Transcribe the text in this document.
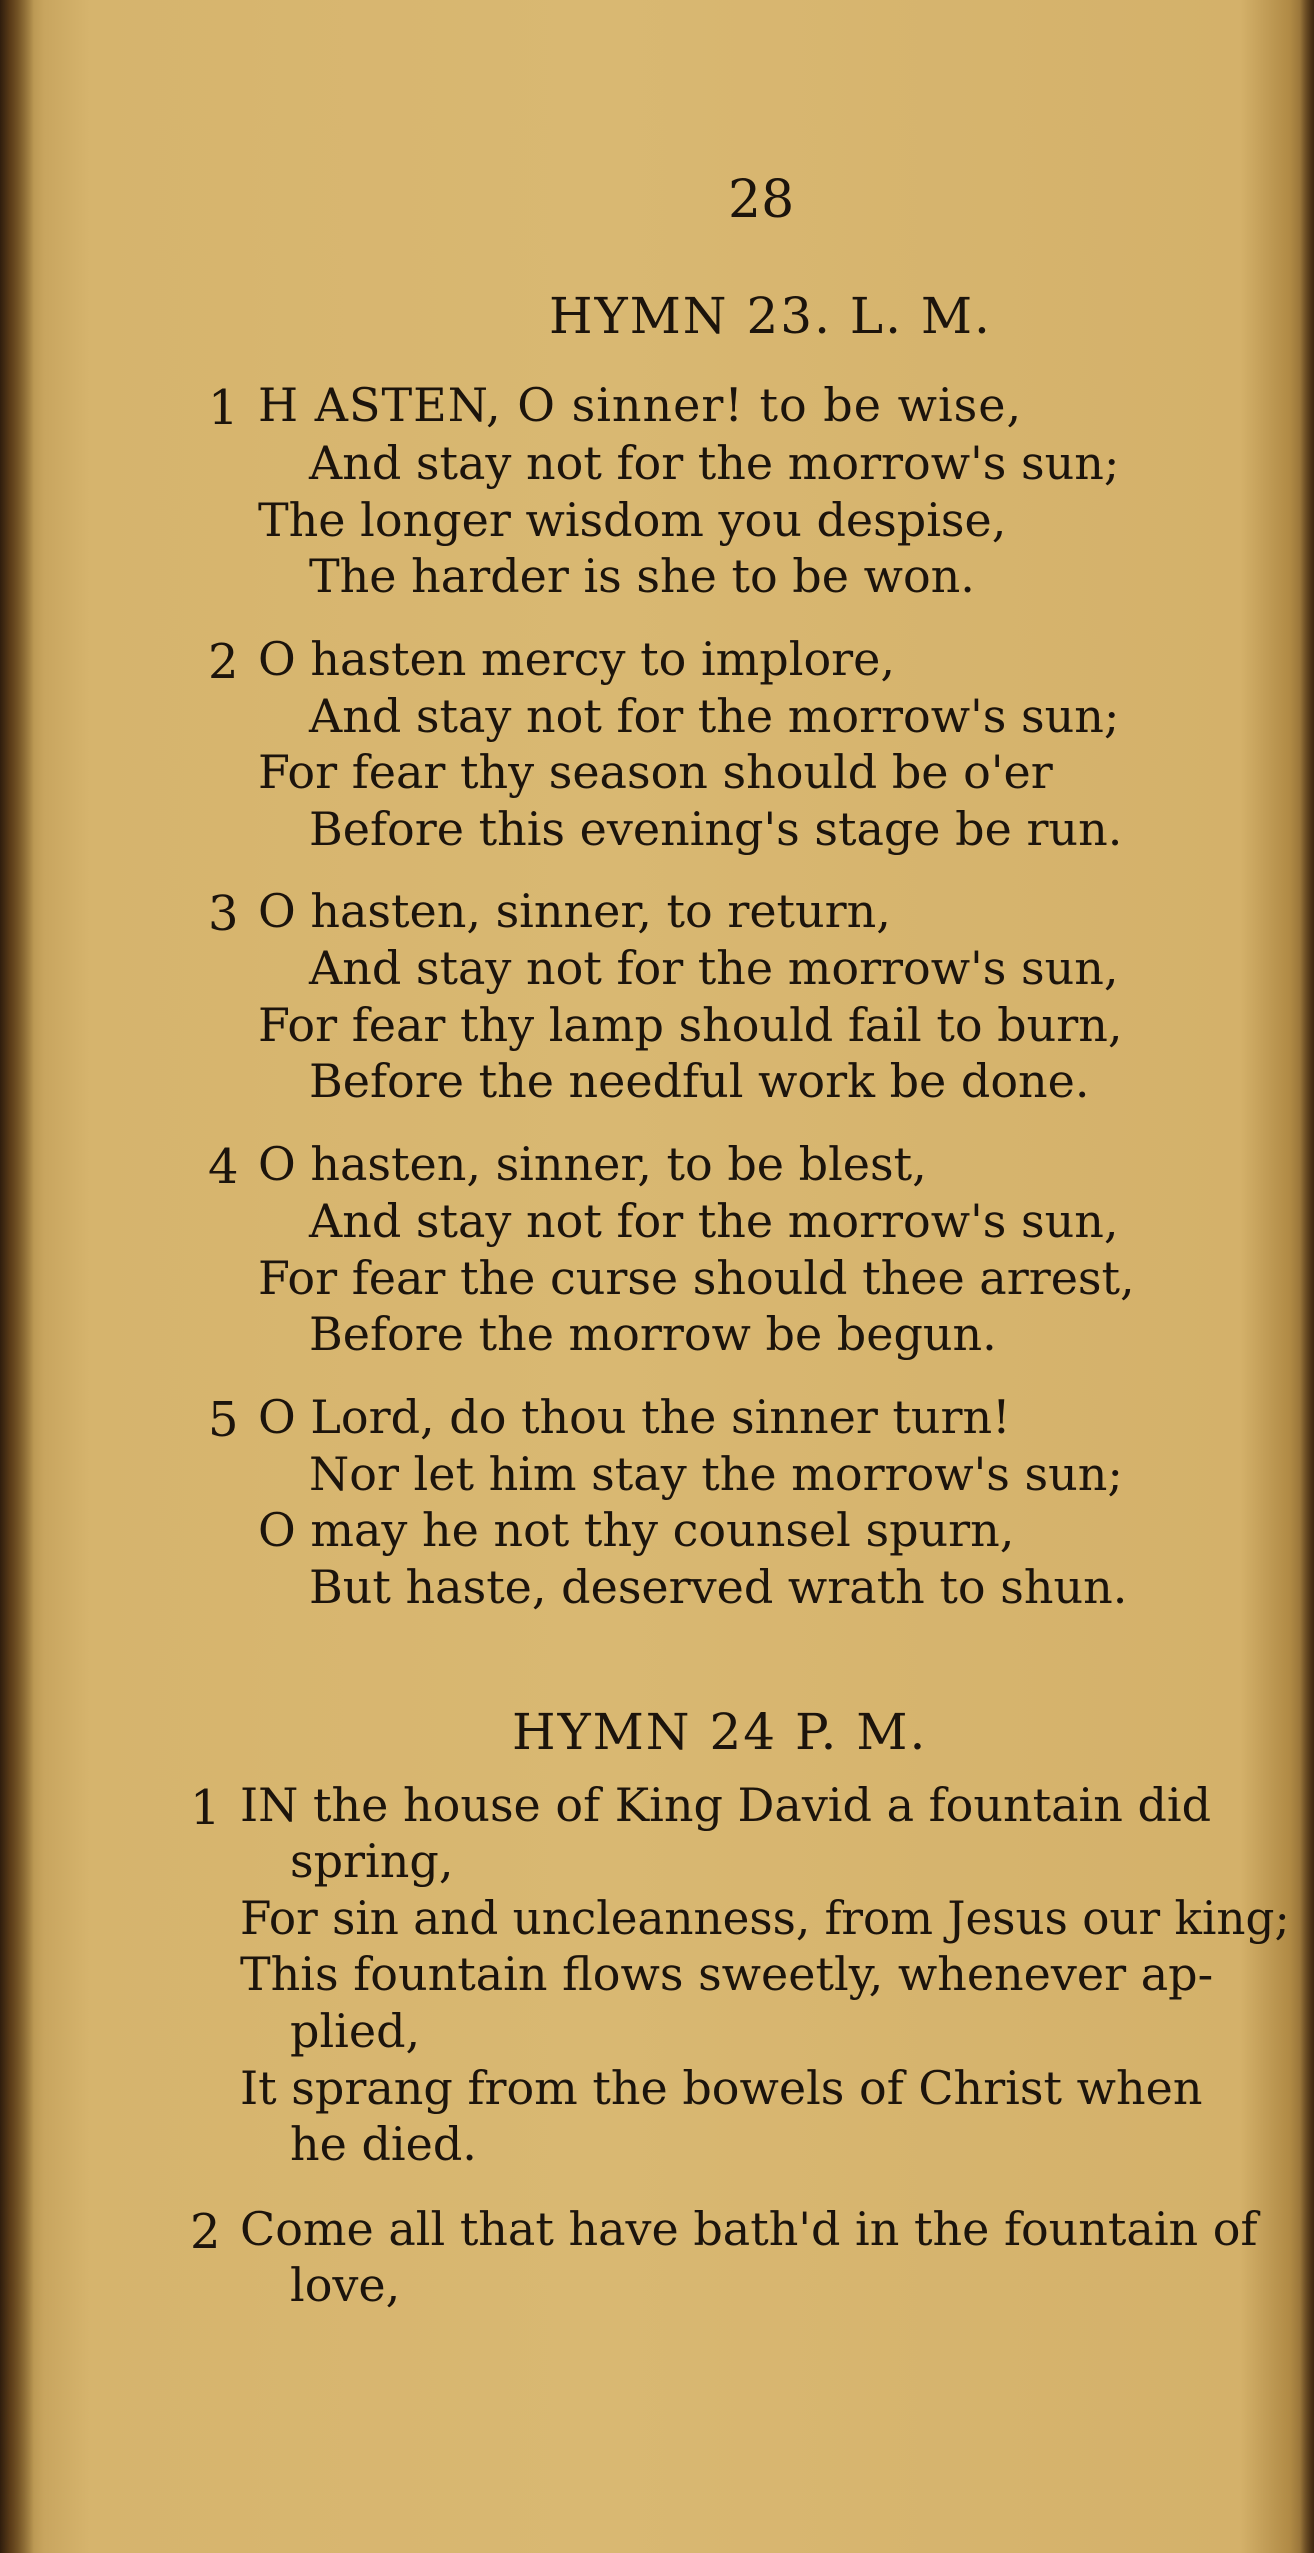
28
HYMN 23. L. M.
1 H ASTEN, O sinner! to be wise,
And stay not for the morrow's sun;
The longer wisdom you despise,
The harder is she to be won.
2 O hasten mercy to implore,
And stay not for the morrow's sun;
For fear thy season should be o'er
Before this evening's stage be run.
3 O hasten, sinner, to return,
And stay not for the morrow's sun,
For fear thy lamp should fail to burn,
Before the needful work be done.
4 O hasten, sinner, to be blest,
And stay not for the morrow's sun,
For fear the curse should thee arrest,
Before the morrow be begun.
5 O Lord, do thou the sinner turn!
Nor let him stay the morrow's sun;
O may he not thy counsel spurn,
But haste, deserved wrath to shun.
HYMN 24 P. M.
1 IN the house of King David a fountain did
spring,
For sin and uncleanness, from Jesus our king;
This fountain flows sweetly, whenever ap-
plied,
It sprang from the bowels of Christ when
he died.
2 Come all that have bath'd in the fountain of
love,
